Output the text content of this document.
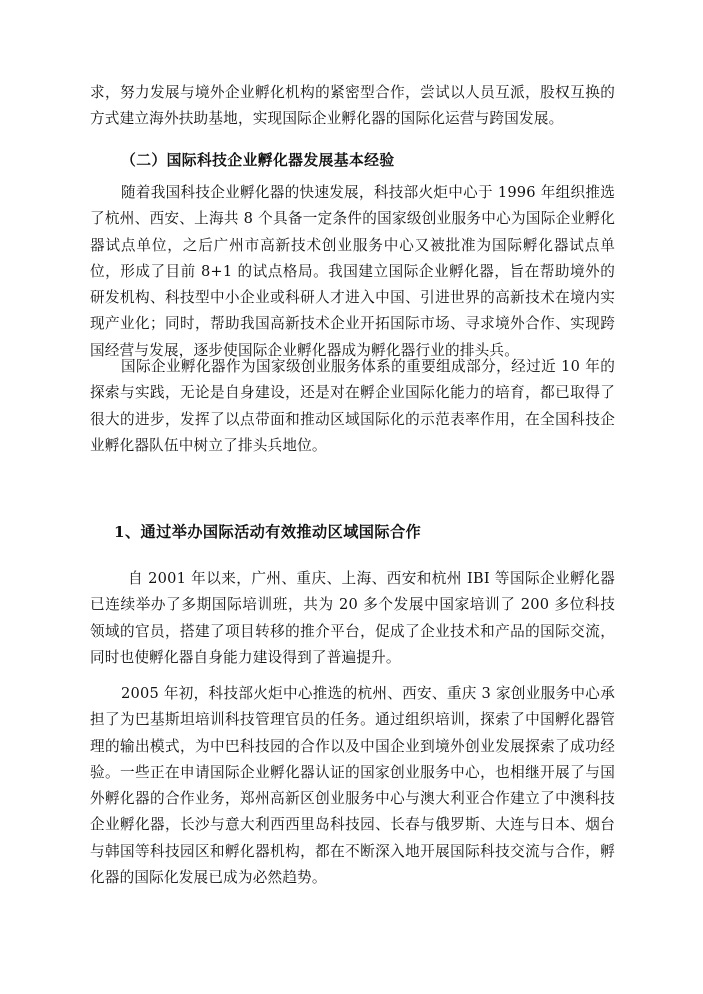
求，努力发展与境外企业孵化机构的紧密型合作，尝试以人员互派，股权互换的方式建立海外扶助基地，实现国际企业孵化器的国际化运营与跨国发展。

（二）国际科技企业孵化器发展基本经验

随着我国科技企业孵化器的快速发展，科技部火炬中心于 1996 年组织推选了杭州、西安、上海共 8 个具备一定条件的国家级创业服务中心为国际企业孵化器试点单位，之后广州市高新技术创业服务中心又被批准为国际孵化器试点单位，形成了目前 8+1 的试点格局。我国建立国际企业孵化器，旨在帮助境外的研发机构、科技型中小企业或科研人才进入中国、引进世界的高新技术在境内实现产业化；同时，帮助我国高新技术企业开拓国际市场、寻求境外合作、实现跨国经营与发展，逐步使国际企业孵化器成为孵化器行业的排头兵。

国际企业孵化器作为国家级创业服务体系的重要组成部分，经过近 10 年的探索与实践，无论是自身建设，还是对在孵企业国际化能力的培育，都已取得了很大的进步，发挥了以点带面和推动区域国际化的示范表率作用，在全国科技企业孵化器队伍中树立了排头兵地位。

1、通过举办国际活动有效推动区域国际合作

自 2001 年以来，广州、重庆、上海、西安和杭州 IBI 等国际企业孵化器已连续举办了多期国际培训班，共为 20 多个发展中国家培训了 200 多位科技领域的官员，搭建了项目转移的推介平台，促成了企业技术和产品的国际交流，同时也使孵化器自身能力建设得到了普遍提升。

2005 年初，科技部火炬中心推选的杭州、西安、重庆 3 家创业服务中心承担了为巴基斯坦培训科技管理官员的任务。通过组织培训，探索了中国孵化器管理的输出模式，为中巴科技园的合作以及中国企业到境外创业发展探索了成功经验。一些正在申请国际企业孵化器认证的国家创业服务中心，也相继开展了与国外孵化器的合作业务，郑州高新区创业服务中心与澳大利亚合作建立了中澳科技企业孵化器，长沙与意大利西西里岛科技园、长春与俄罗斯、大连与日本、烟台与韩国等科技园区和孵化器机构，都在不断深入地开展国际科技交流与合作，孵化器的国际化发展已成为必然趋势。
